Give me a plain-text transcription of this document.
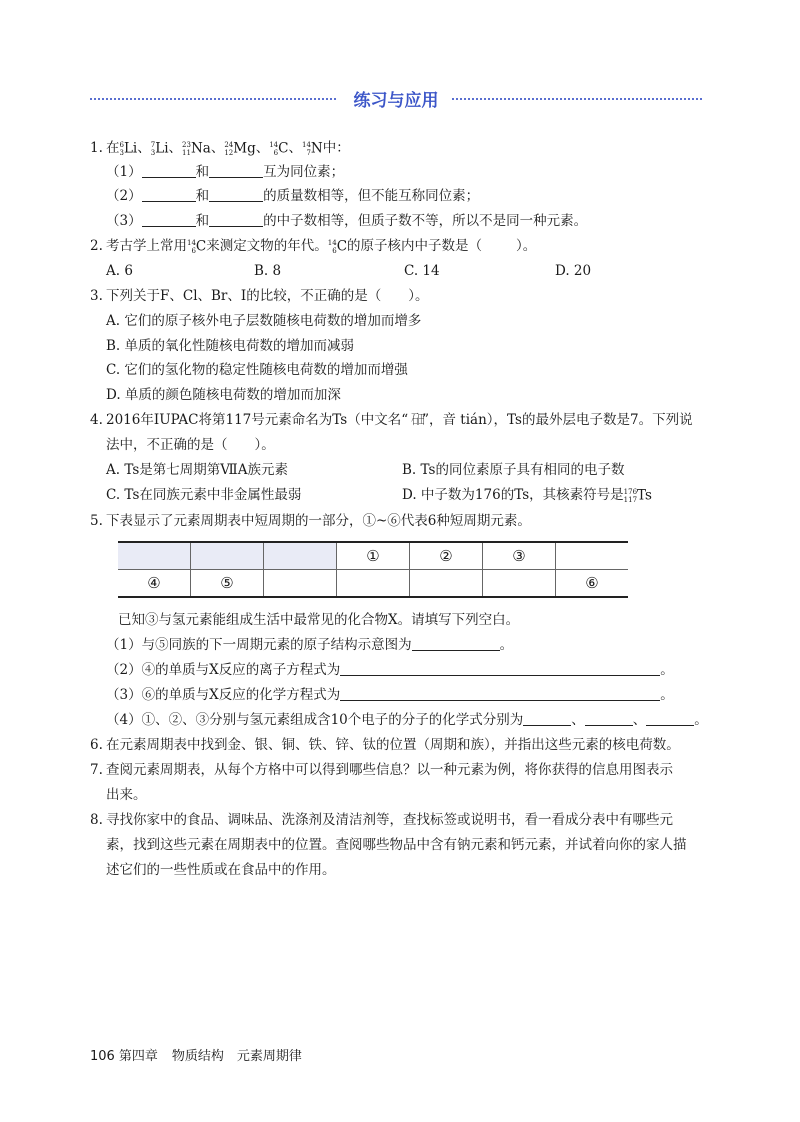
练习与应用
1. 在 6
3 Li、 7
3 Li、 23
11 Na、 24
12 Mg、 14
6 C、 14
7 N中：
（1）	和	互为同位素；
（2）	和	的质量数相等，但不能互称同位素；
（3）	和	的中子数相等，但质子数不等，所以不是同一种元素。
2. 考古学上常用 14
6 C来测定文物的年代。 14
6 C的原子核内中子数是（	）。
A. 6	B. 8	C. 14	D. 20
3. 下列关于F、Cl、Br、I的比较，不正确的是（　　）。
A. 它们的原子核外电子层数随核电荷数的增加而增多
B. 单质的氧化性随核电荷数的增加而减弱
C. 它们的氢化物的稳定性随核电荷数的增加而增强
D. 单质的颜色随核电荷数的增加而加深
4. 2016年IUPAC将第117号元素命名为Ts（中文名“ 石田”，音 tián），Ts的最外层电子数是7。下列说
法中，不正确的是（　　）。
A. Ts是第七周期第ⅦA族元素	B. Ts的同位素原子具有相同的电子数
C. Ts在同族元素中非金属性最弱	D. 中子数为176的Ts，其核素符号是 176
117 Ts
5. 下表显示了元素周期表中短周期的一部分，①~⑥代表6种短周期元素。
			①	②	③	
④	⑤					⑥
已知③与氢元素能组成生活中最常见的化合物X。请填写下列空白。
（1）与⑤同族的下一周期元素的原子结构示意图为	。
（2）④的单质与X反应的离子方程式为	。
（3）⑥的单质与X反应的化学方程式为	。
（4）①、②、③分别与氢元素组成含10个电子的分子的化学式分别为	、	、	。
6. 在元素周期表中找到金、银、铜、铁、锌、钛的位置（周期和族），并指出这些元素的核电荷数。
7. 查阅元素周期表，从每个方格中可以得到哪些信息？以一种元素为例，将你获得的信息用图表示
出来。
8. 寻找你家中的食品、调味品、洗涤剂及清洁剂等，查找标签或说明书，看一看成分表中有哪些元
素，找到这些元素在周期表中的位置。查阅哪些物品中含有钠元素和钙元素，并试着向你的家人描
述它们的一些性质或在食品中的作用。
106 第四章 物质结构　元素周期律
